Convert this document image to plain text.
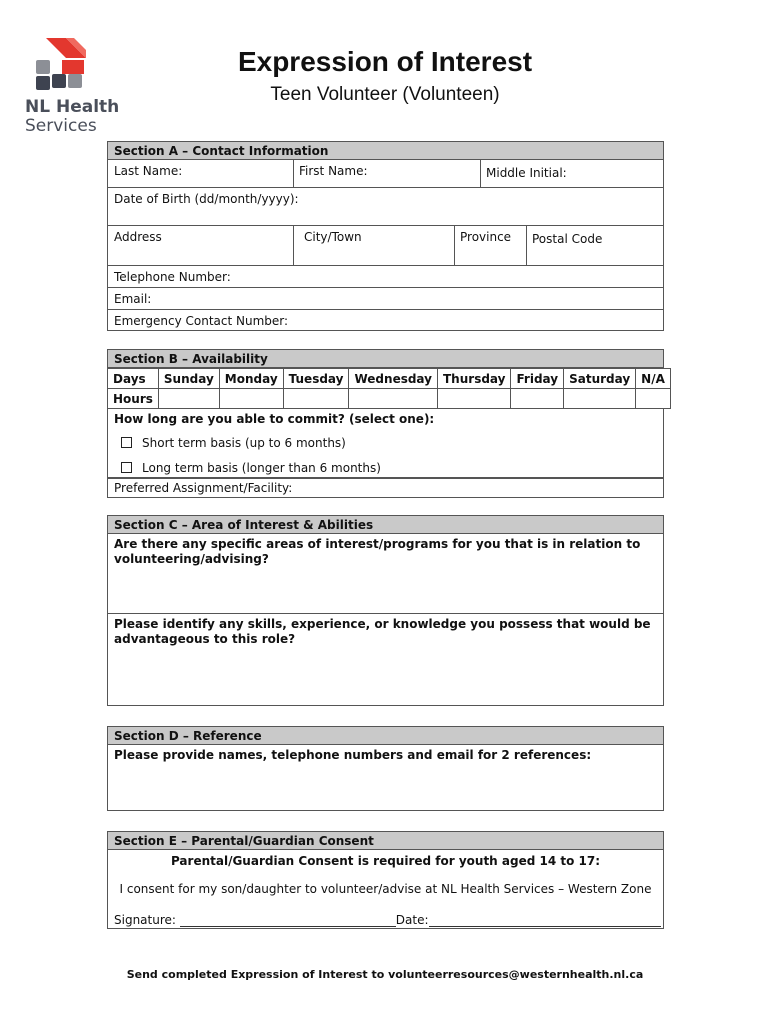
NL Health
Services
Expression of Interest
Teen Volunteer (Volunteen)
Section A – Contact Information
Last Name:	First Name:	Middle Initial:
Date of Birth (dd/month/yyyy):
Address	City/Town	Province	Postal Code
Telephone Number:
Email:
Emergency Contact Number:
Section B – Availability
Days	Sunday	Monday	Tuesday	Wednesday	Thursday	Friday	Saturday	N/A
Hours								
How long are you able to commit? (select one):
Short term basis (up to 6 months)
Long term basis (longer than 6 months)
Preferred Assignment/Facility:
Section C – Area of Interest & Abilities
Are there any specific areas of interest/programs for you that is in relation to
volunteering/advising?
Please identify any skills, experience, or knowledge you possess that would be
advantageous to this role?
Section D – Reference
Please provide names, telephone numbers and email for 2 references:
Section E – Parental/Guardian Consent
Parental/Guardian Consent is required for youth aged 14 to 17:
I consent for my son/daughter to volunteer/advise at NL Health Services – Western Zone
Signature:	Date:
Send completed Expression of Interest to volunteerresources@westernhealth.nl.ca
